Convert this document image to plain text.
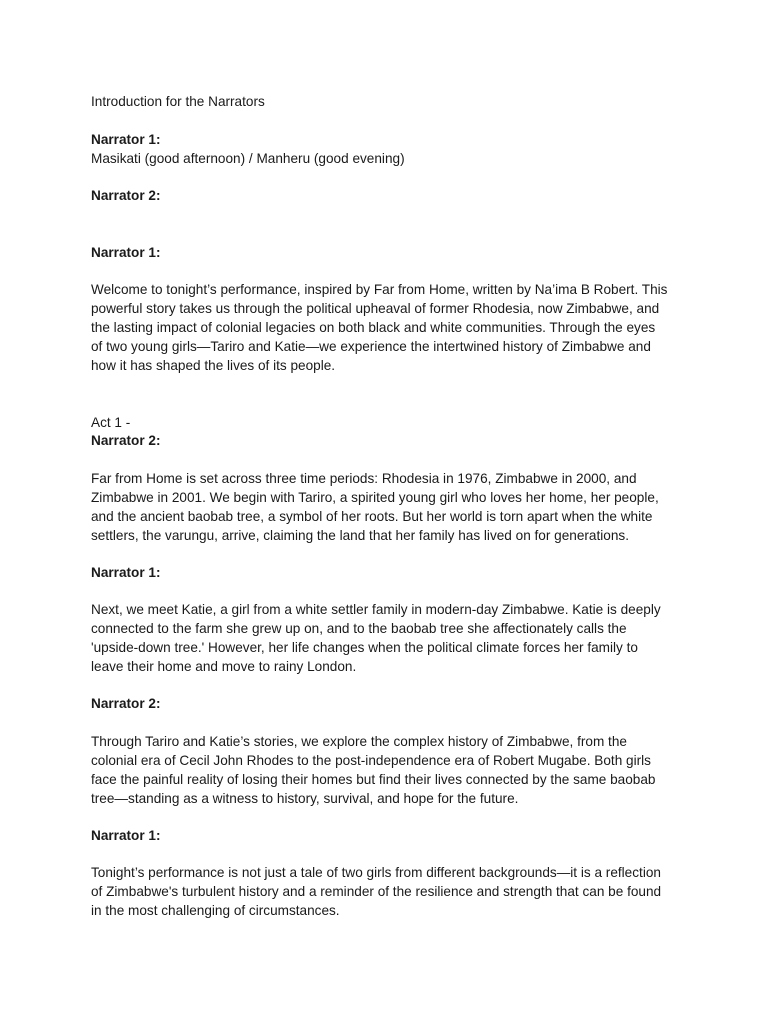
Introduction for the Narrators
Narrator 1:
Masikati (good afternoon) / Manheru (good evening)
Narrator 2:
Narrator 1:
Welcome to tonight’s performance, inspired by Far from Home, written by Na’ima B Robert. This
powerful story takes us through the political upheaval of former Rhodesia, now Zimbabwe, and
the lasting impact of colonial legacies on both black and white communities. Through the eyes
of two young girls—Tariro and Katie—we experience the intertwined history of Zimbabwe and
how it has shaped the lives of its people.
Act 1 -
Narrator 2:
Far from Home is set across three time periods: Rhodesia in 1976, Zimbabwe in 2000, and
Zimbabwe in 2001. We begin with Tariro, a spirited young girl who loves her home, her people,
and the ancient baobab tree, a symbol of her roots. But her world is torn apart when the white
settlers, the varungu, arrive, claiming the land that her family has lived on for generations.
Narrator 1:
Next, we meet Katie, a girl from a white settler family in modern-day Zimbabwe. Katie is deeply
connected to the farm she grew up on, and to the baobab tree she affectionately calls the
'upside-down tree.' However, her life changes when the political climate forces her family to
leave their home and move to rainy London.
Narrator 2:
Through Tariro and Katie’s stories, we explore the complex history of Zimbabwe, from the
colonial era of Cecil John Rhodes to the post-independence era of Robert Mugabe. Both girls
face the painful reality of losing their homes but find their lives connected by the same baobab
tree—standing as a witness to history, survival, and hope for the future.
Narrator 1:
Tonight’s performance is not just a tale of two girls from different backgrounds—it is a reflection
of Zimbabwe's turbulent history and a reminder of the resilience and strength that can be found
in the most challenging of circumstances.
